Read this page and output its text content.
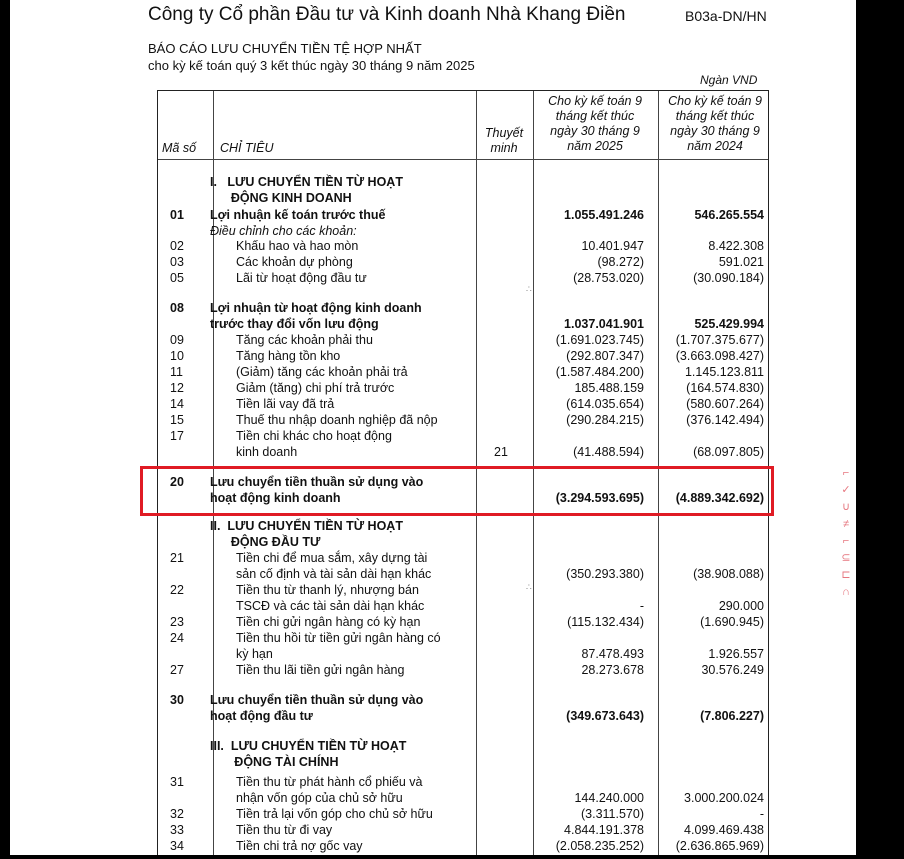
Công ty Cổ phần Đầu tư và Kinh doanh Nhà Khang Điền	B03a-DN/HN
BÁO CÁO LƯU CHUYỂN TIỀN TỆ HỢP NHẤT
cho kỳ kế toán quý 3 kết thúc ngày 30 tháng 9 năm 2025
Ngàn VND
Mã số CHỈ TIÊU
Thuyết
minh
Cho kỳ kế toán 9
tháng kết thúc
ngày 30 tháng 9
năm 2025
Cho kỳ kế toán 9
tháng kết thúc
ngày 30 tháng 9
năm 2024
I.   LƯU CHUYỂN TIỀN TỪ HOẠT
ĐỘNG KINH DOANH
01	Lợi nhuận kế toán trước thuế	1.055.491.246	546.265.554
Điều chỉnh cho các khoản:
02	Khấu hao và hao mòn	10.401.947	8.422.308
03	Các khoản dự phòng	(98.272)	591.021
05	Lãi từ hoạt động đầu tư	(28.753.020)	(30.090.184)
08	Lợi nhuận từ hoạt động kinh doanh
trước thay đổi vốn lưu động	1.037.041.901	525.429.994
09	Tăng các khoản phải thu	(1.691.023.745)	(1.707.375.677)
10	Tăng hàng tồn kho	(292.807.347)	(3.663.098.427)
11	(Giảm) tăng các khoản phải trả	(1.587.484.200)	1.145.123.811
12	Giảm (tăng) chi phí trả trước	185.488.159	(164.574.830)
14	Tiền lãi vay đã trả	(614.035.654)	(580.607.264)
15	Thuế thu nhập doanh nghiệp đã nộp	(290.284.215)	(376.142.494)
17	Tiền chi khác cho hoạt động
kinh doanh	21	(41.488.594)	(68.097.805)
20	Lưu chuyển tiền thuần sử dụng vào
hoạt động kinh doanh	(3.294.593.695)	(4.889.342.692)
II.  LƯU CHUYỂN TIỀN TỪ HOẠT
ĐỘNG ĐẦU TƯ
21	Tiền chi để mua sắm, xây dựng tài
sản cố định và tài sản dài hạn khác	(350.293.380)	(38.908.088)
22	Tiền thu từ thanh lý, nhượng bán
TSCĐ và các tài sản dài hạn khác	-	290.000
23	Tiền chi gửi ngân hàng có kỳ hạn	(115.132.434)	(1.690.945)
24	Tiền thu hồi từ tiền gửi ngân hàng có
kỳ hạn	87.478.493	1.926.557
27	Tiền thu lãi tiền gửi ngân hàng	28.273.678	30.576.249
30	Lưu chuyển tiền thuần sử dụng vào
hoạt động đầu tư	(349.673.643)	(7.806.227)
III.  LƯU CHUYỂN TIỀN TỪ HOẠT
ĐỘNG TÀI CHÍNH
31	Tiền thu từ phát hành cổ phiếu và
nhận vốn góp của chủ sở hữu	144.240.000	3.000.200.024
32	Tiền trả lại vốn góp cho chủ sở hữu	(3.311.570)	-
33	Tiền thu từ đi vay	4.844.191.378	4.099.469.438
34	Tiền chi trả nợ gốc vay	(2.058.235.252)	(2.636.865.969)
∴
∴
⌐
✓
∪
≠
⌐
⊆
⊏
∩
